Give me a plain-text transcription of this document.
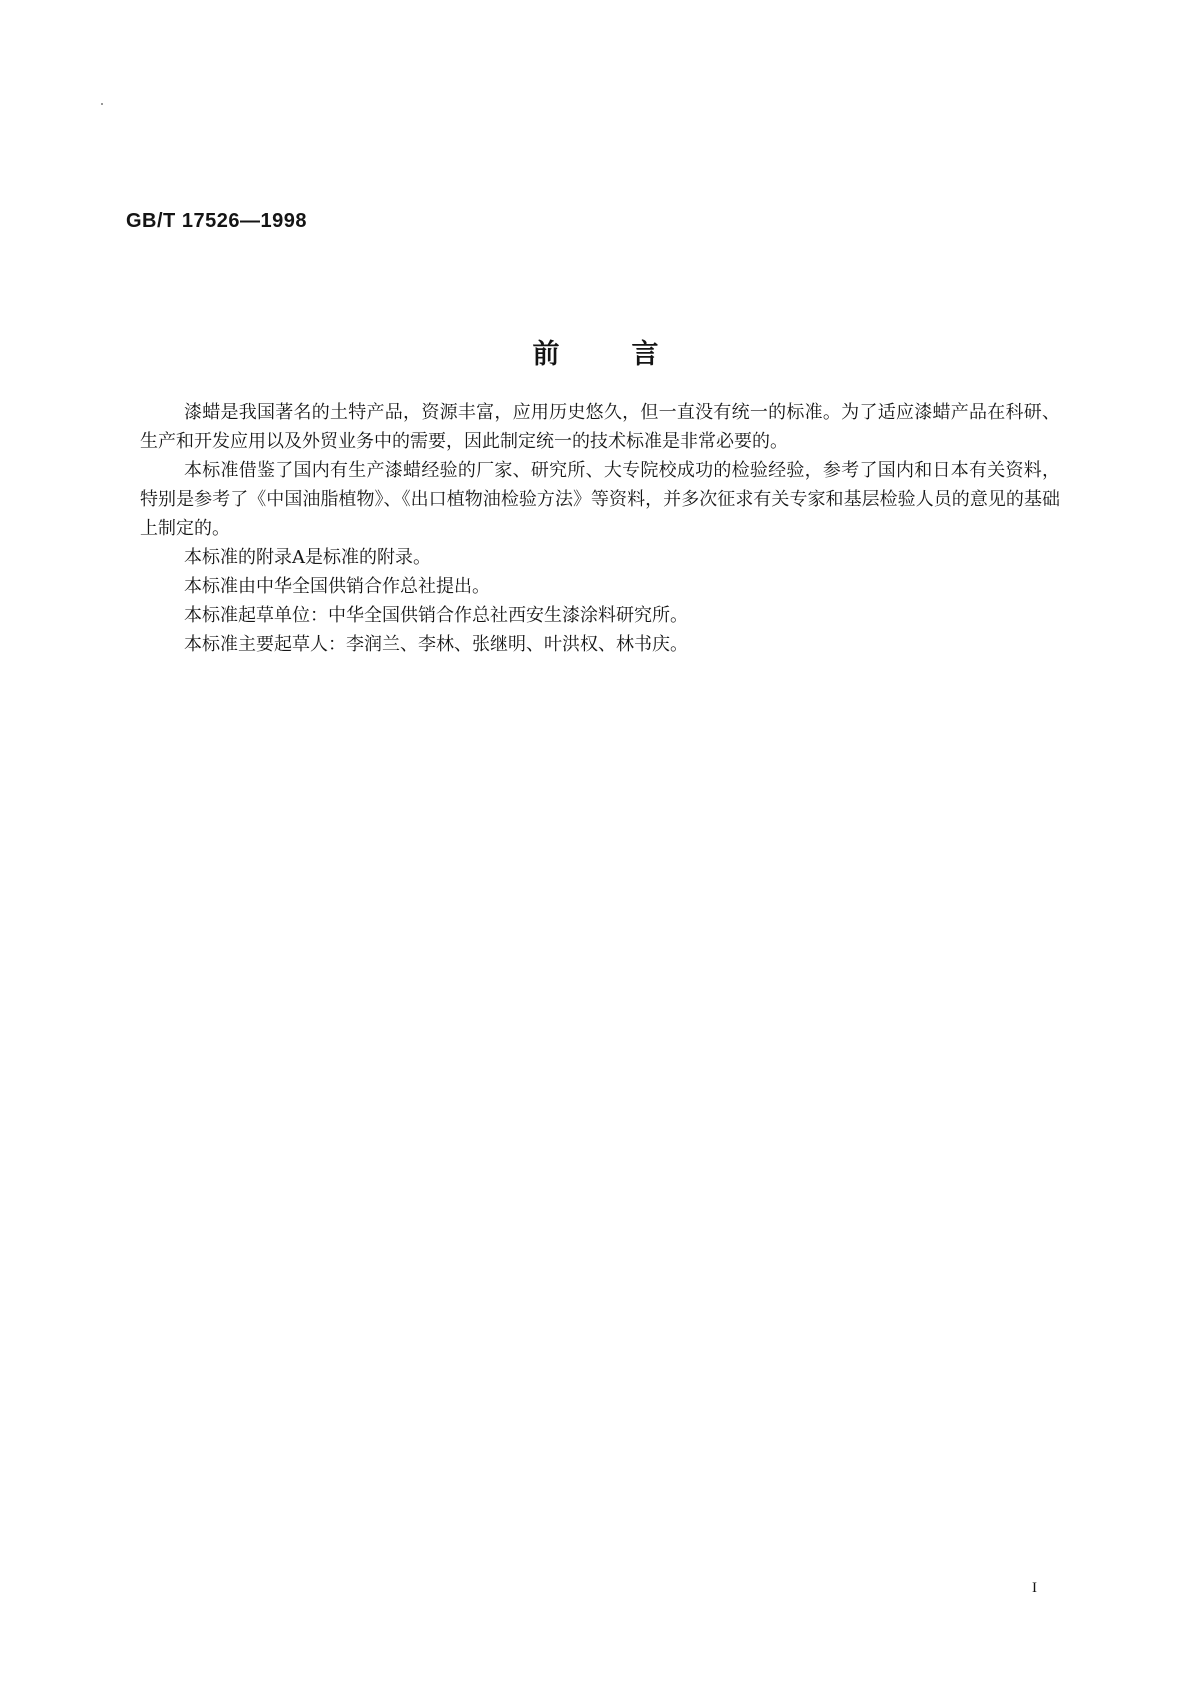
GB/T 17526—1998
前言

漆蜡是我国著名的土特产品，资源丰富，应用历史悠久，但一直没有统一的标准。为了适应漆蜡产品在科研、生产和开发应用以及外贸业务中的需要，因此制定统一的技术标准是非常必要的。

本标准借鉴了国内有生产漆蜡经验的厂家、研究所、大专院校成功的检验经验，参考了国内和日本有关资料，特别是参考了《中国油脂植物》、《出口植物油检验方法》等资料，并多次征求有关专家和基层检验人员的意见的基础上制定的。

本标准的附录A是标准的附录。

本标准由中华全国供销合作总社提出。

本标准起草单位：中华全国供销合作总社西安生漆涂料研究所。

本标准主要起草人：李润兰、李林、张继明、叶洪权、林书庆。

I
